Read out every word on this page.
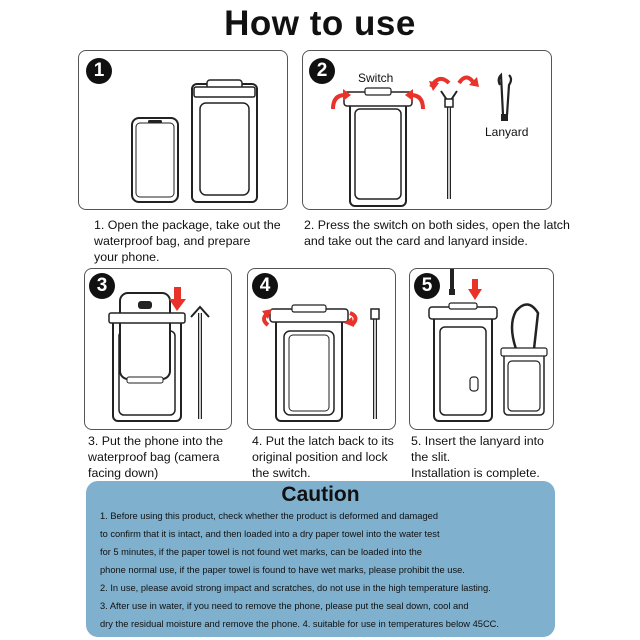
How to use
1
1. Open the package, take out the
waterproof bag, and prepare
your phone.
2	Switch
Lanyard
2. Press the switch on both sides, open the latch
and take out the card and lanyard inside.
3
3. Put the phone into the
waterproof bag (camera
facing down)
4
4. Put the latch back to its
original position and lock
the switch.
5
5. Insert the lanyard into
the slit.
Installation is complete.
Caution
1. Before using this product, check whether the product is deformed and damaged
to confirm that it is intact, and then loaded into a dry paper towel into the water test
for 5 minutes, if the paper towel is not found wet marks, can be loaded into the
phone normal use, if the paper towel is found to have wet marks, please prohibit the use.
2. In use, please avoid strong impact and scratches, do not use in the high temperature lasting.
3. After use in water, if you need to remove the phone, please put the seal down, cool and
dry the residual moisture and remove the phone. 4. suitable for use in temperatures below 45CC.
